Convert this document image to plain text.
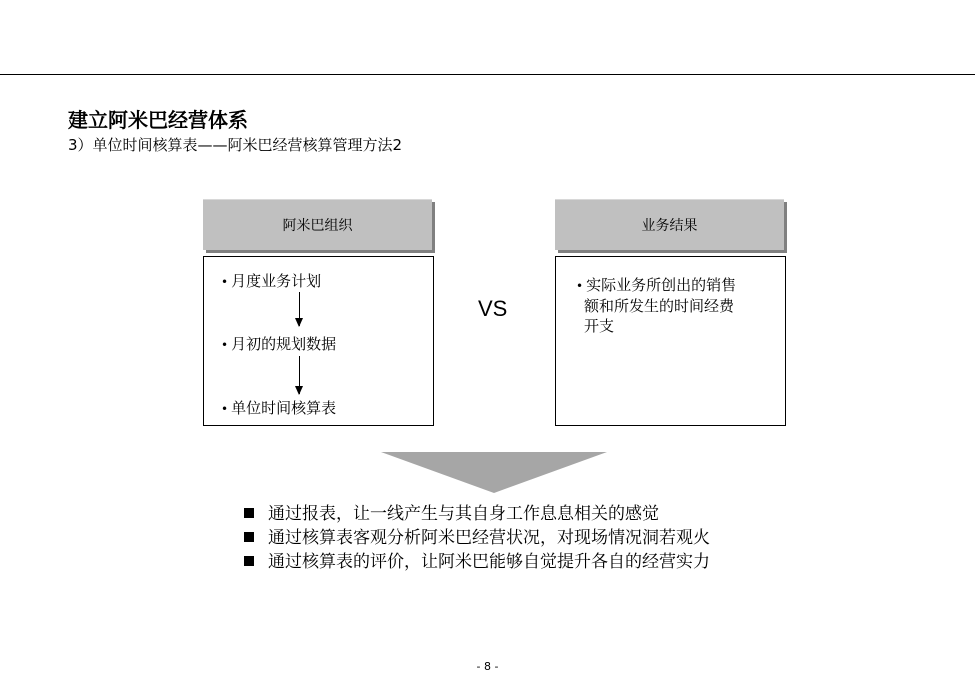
建立阿米巴经营体系
3）单位时间核算表——阿米巴经营核算管理方法2
阿米巴组织
• 月度业务计划
• 月初的规划数据
• 单位时间核算表
VS
业务结果
• 实际业务所创出的销售
额和所发生的时间经费
开支
通过报表，让一线产生与其自身工作息息相关的感觉
通过核算表客观分析阿米巴经营状况，对现场情况洞若观火
通过核算表的评价，让阿米巴能够自觉提升各自的经营实力
- 8 -
